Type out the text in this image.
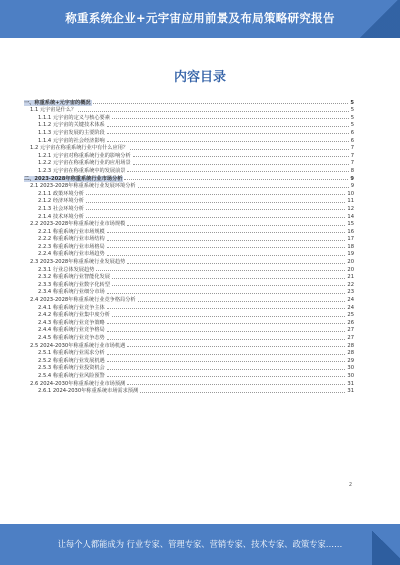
称重系统企业+元宇宙应用前景及布局策略研究报告
内容目录
一、称重系统+元宇宙的概况	5
1.1 元宇宙是什么？	5
1.1.1 元宇宙的定义与核心要素	5
1.1.2 元宇宙的关键技术体系	5
1.1.3 元宇宙发展的主要阶段	6
1.1.4 元宇宙的社会经济影响	6
1.2 元宇宙在称重系统行业中有什么应用？	7
1.2.1 元宇宙对称重系统行业的影响分析	7
1.2.2 元宇宙在称重系统行业的应用场景	7
1.2.3 元宇宙在称重系统中的发展前景	8
二、2023-2028年称重系统行业市场分析	9
2.1 2023-2028年称重系统行业发展环境分析	9
2.1.1 政策环境分析	10
2.1.2 经济环境分析	11
2.1.3 社会环境分析	12
2.1.4 技术环境分析	14
2.2 2023-2028年称重系统行业市场规模	15
2.2.1 称重系统行业市场规模	16
2.2.2 称重系统行业市场结构	17
2.2.3 称重系统行业市场格局	18
2.2.4 称重系统行业市场趋势	19
2.3 2023-2028年称重系统行业发展趋势	20
2.3.1 行业总体发展趋势	20
2.3.2 称重系统行业智能化发展	21
2.3.3 称重系统行业数字化转型	22
2.3.4 称重系统行业细分市场	23
2.4 2023-2028年称重系统行业竞争格局分析	24
2.4.1 称重系统行业竞争主体	24
2.4.2 称重系统行业集中度分析	25
2.4.3 称重系统行业竞争策略	26
2.4.4 称重系统行业竞争格局	27
2.4.5 称重系统行业竞争态势	27
2.5 2024-2030年称重系统行业市场机遇	28
2.5.1 称重系统行业需求分析	28
2.5.2 称重系统行业发展机遇	29
2.5.3 称重系统行业投资机会	30
2.5.4 称重系统行业风险预警	30
2.6 2024-2030年称重系统行业市场预测	31
2.6.1 2024-2030年称重系统市场需求预测	31
2
让每个人都能成为 行业专家、管理专家、营销专家、技术专家、政策专家……
